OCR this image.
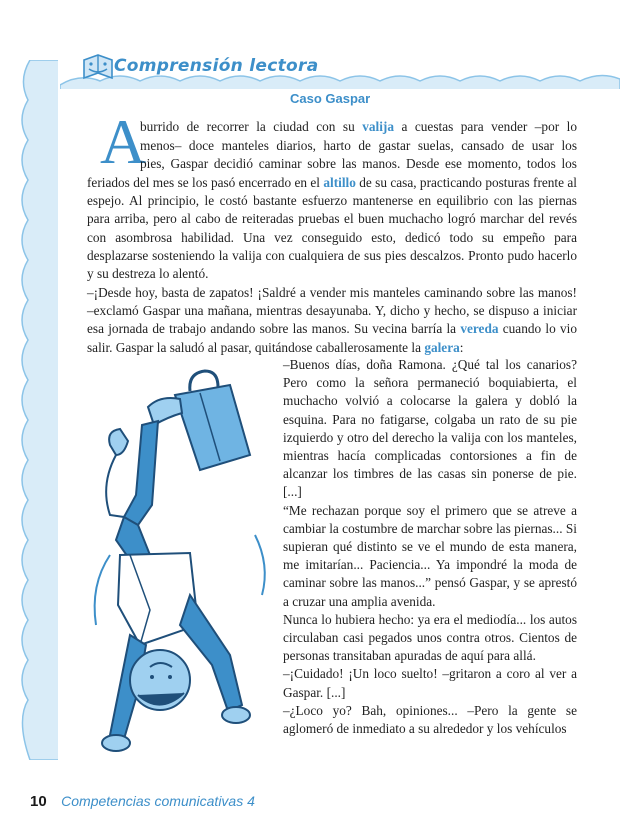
Comprensión lectora
Caso Gaspar
A
burrido de recorrer la ciudad con su valija a cuestas para vender –por lo
menos– doce manteles diarios, harto de gastar suelas, cansado de usar los
pies, Gaspar decidió caminar sobre las manos. Desde ese momento, todos los

feriados del mes se los pasó encerrado en el altillo de su casa, practicando posturas frente al espejo. Al principio, le costó bastante esfuerzo mantenerse en equilibrio con las piernas para arriba, pero al cabo de reiteradas pruebas el buen muchacho logró marchar del revés con asombrosa habilidad. Una vez conseguido esto, dedicó todo su empeño para desplazarse sosteniendo la valija con cualquiera de sus pies descalzos. Pronto pudo hacerlo y su destreza lo alentó.

–¡Desde hoy, basta de zapatos! ¡Saldré a vender mis manteles caminando sobre las manos! –exclamó Gaspar una mañana, mientras desayunaba. Y, dicho y hecho, se dispuso a iniciar esa jornada de trabajo andando sobre las manos. Su vecina barría la vereda cuando lo vio salir. Gaspar la saludó al pasar, quitándose caballerosamente la galera:

–Buenos días, doña Ramona. ¿Qué tal los canarios? Pero como la señora permaneció boquiabierta, el muchacho volvió a colocarse la galera y dobló la esquina. Para no fatigarse, colgaba un rato de su pie izquierdo y otro del derecho la valija con los manteles, mientras hacía complicadas contorsiones a fin de alcanzar los timbres de las casas sin ponerse de pie. [...]

“Me rechazan porque soy el primero que se atreve a cambiar la costumbre de marchar sobre las piernas... Si supieran qué distinto se ve el mundo de esta manera, me imitarían... Paciencia... Ya impondré la moda de caminar sobre las manos...” pensó Gaspar, y se aprestó a cruzar una amplia avenida.

Nunca lo hubiera hecho: ya era el mediodía... los autos circulaban casi pegados unos contra otros. Cientos de personas transitaban apuradas de aquí para allá.

–¡Cuidado! ¡Un loco suelto! –gritaron a coro al ver a Gaspar. [...]

–¿Loco yo? Bah, opiniones... –Pero la gente se aglomeró de inmediato a su alrededor y los vehículos

10 Competencias comunicativas 4
